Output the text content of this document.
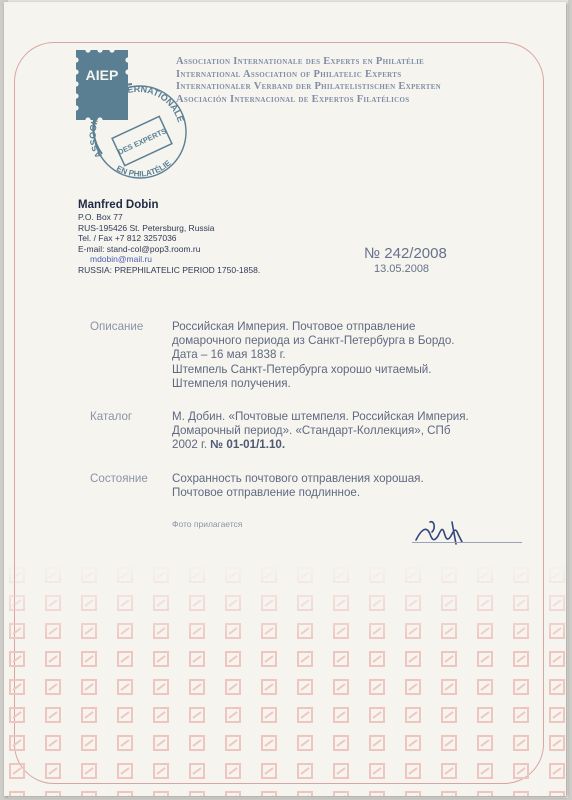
AIEP
ASSOCIATION INTERNATIONALE
DES EXPERTS
EN PHILATÉLIE
Association Internationale des Experts en Philatélie
International Association of Philatelic Experts
Internationaler Verband der Philatelistischen Experten
Asociación Internacional de Expertos Filatélicos
Manfred Dobin
P.O. Box 77
RUS-195426 St. Petersburg, Russia
Tel. / Fax +7 812 3257036
E-mail: stand-col@pop3.room.ru
mdobin@mail.ru
RUSSIA: PREPHILATELIC PERIOD 1750-1858.
№ 242/2008
13.05.2008
Описание	Российская Империя. Почтовое отправление
домарочного периода из Санкт-Петербурга в Бордо.
Дата – 16 мая 1838 г.
Штемпель Санкт-Петербурга хорошо читаемый.
Штемпеля получения.
Каталог	М. Добин. «Почтовые штемпеля. Российская Империя.
Домарочный период». «Стандарт-Коллекция», СПб
2002 г. № 01-01/1.10.
Состояние	Сохранность почтового отправления хорошая.
Почтовое отправление подлинное.
Фото прилагается
